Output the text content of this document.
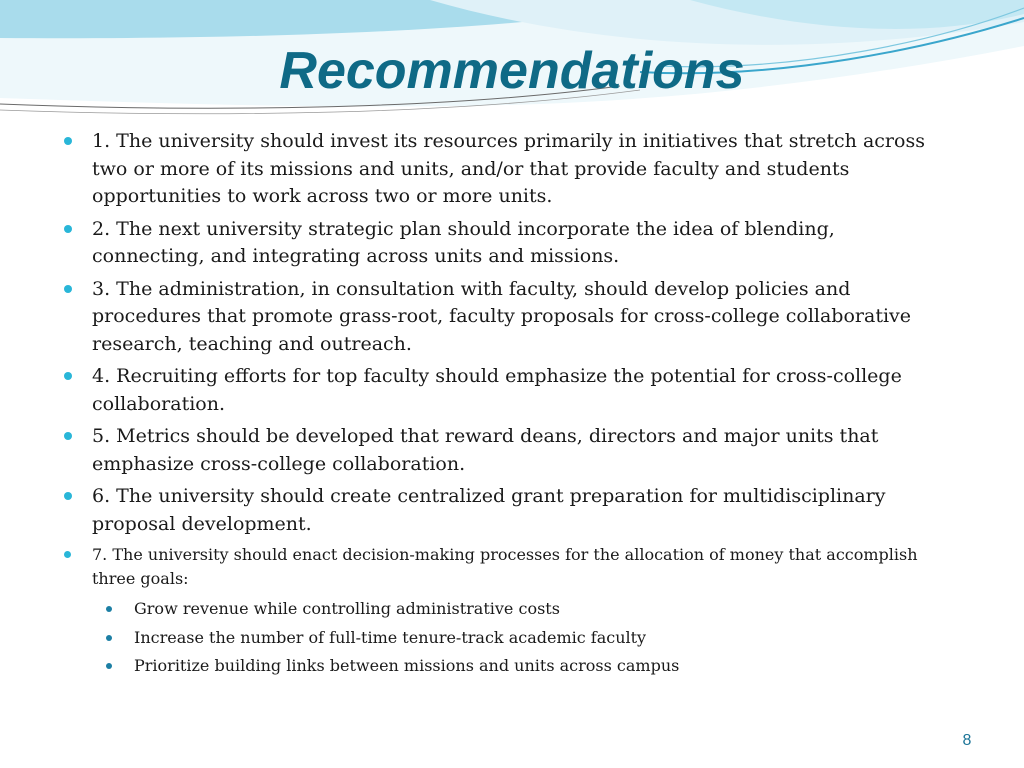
Recommendations
1. The university should invest its resources primarily in initiatives that stretch across two or more of its missions and units, and/or that provide faculty and students opportunities to work across two or more units.
2. The next university strategic plan should incorporate the idea of blending, connecting, and integrating across units and missions.
3. The administration, in consultation with faculty, should develop policies and procedures that promote grass-root, faculty proposals for cross-college collaborative research, teaching and outreach.
4. Recruiting efforts for top faculty should emphasize the potential for cross-college collaboration.
5. Metrics should be developed that reward deans, directors and major units that emphasize cross-college collaboration.
6. The university should create centralized grant preparation for multidisciplinary proposal development.
7. The university should enact decision-making processes for the allocation of money that accomplish three goals:
Grow revenue while controlling administrative costs
Increase the number of full-time tenure-track academic faculty
Prioritize building links between missions and units across campus
8
